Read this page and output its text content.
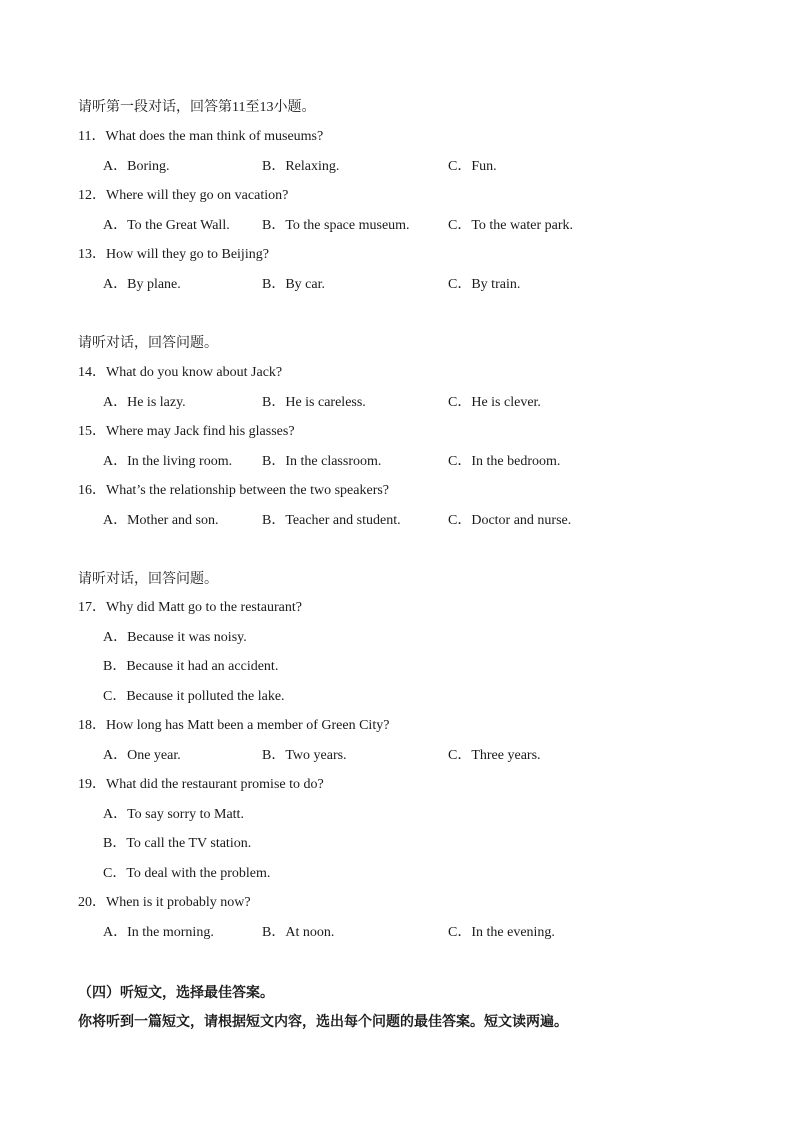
请听第一段对话，回答第11至13小题。
11．What does the man think of museums?
A．Boring.	B．Relaxing.	C．Fun.
12．Where will they go on vacation?
A．To the Great Wall. B．To the space museum.	C．To the water park.
13．How will they go to Beijing?
A．By plane.	B．By car.	C．By train.
请听对话，回答问题。
14．What do you know about Jack?
A．He is lazy.	B．He is careless.	C．He is clever.
15．Where may Jack find his glasses?
A．In the living room. B．In the classroom.	C．In the bedroom.
16．What’s the relationship between the two speakers?
A．Mother and son.	B．Teacher and student.	C．Doctor and nurse.
请听对话，回答问题。
17．Why did Matt go to the restaurant?
A．Because it was noisy.
B．Because it had an accident.
C．Because it polluted the lake.
18．How long has Matt been a member of Green City?
A．One year.	B．Two years.	C．Three years.
19．What did the restaurant promise to do?
A．To say sorry to Matt.
B．To call the TV station.
C．To deal with the problem.
20．When is it probably now?
A．In the morning.	B．At noon.	C．In the evening.
（四）听短文，选择最佳答案。
你将听到一篇短文，请根据短文内容，选出每个问题的最佳答案。短文读两遍。
